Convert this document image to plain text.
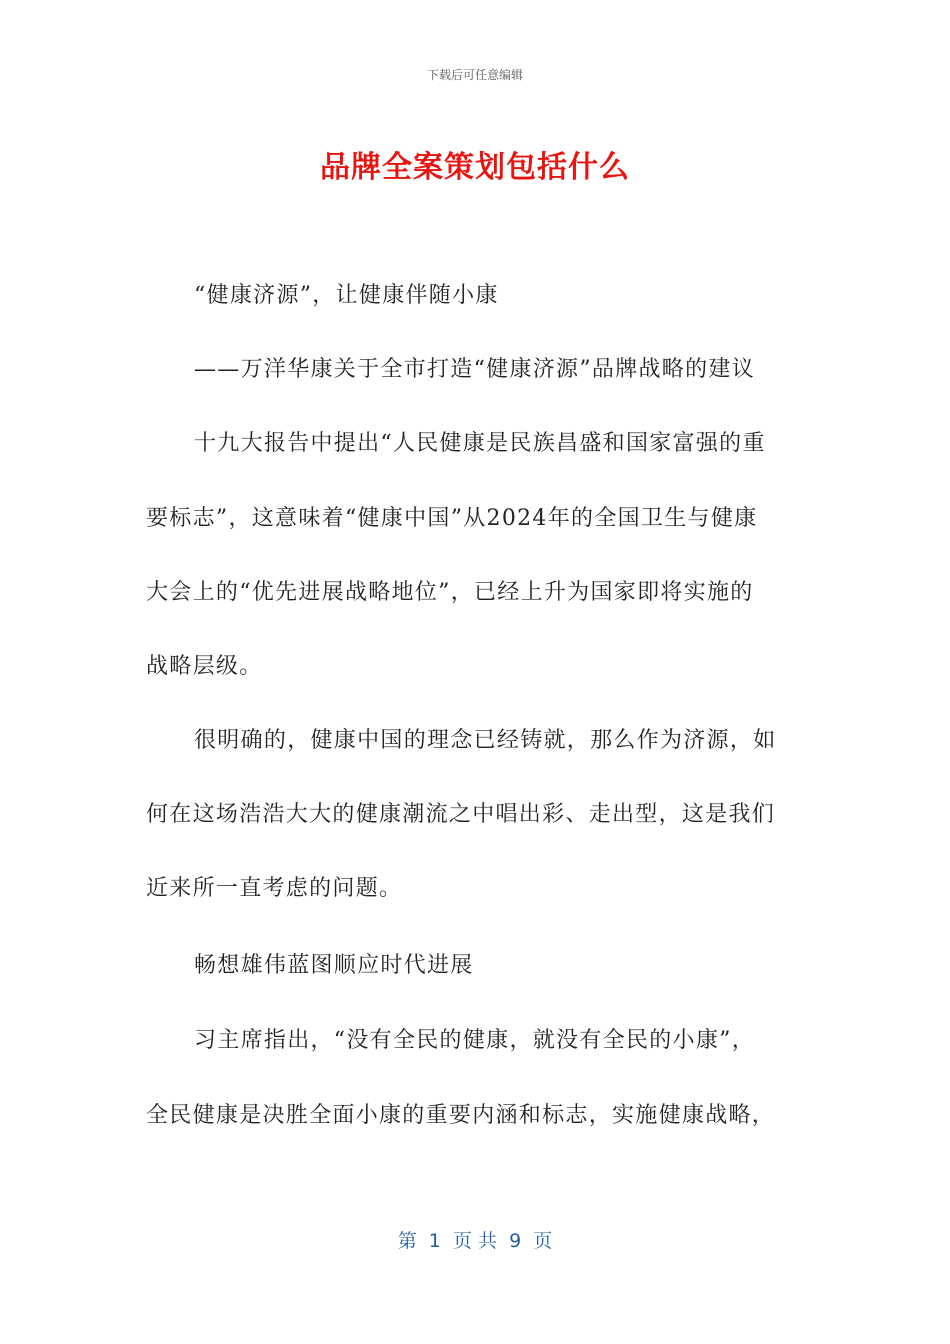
下载后可任意编辑
品牌全案策划包括什么

“健康济源”，让健康伴随小康

——万洋华康关于全市打造“健康济源”品牌战略的建议

十九大报告中提出“人民健康是民族昌盛和国家富强的重

要标志”，这意味着“健康中国”从2024年的全国卫生与健康

大会上的“优先进展战略地位”，已经上升为国家即将实施的

战略层级。

很明确的，健康中国的理念已经铸就，那么作为济源，如

何在这场浩浩大大的健康潮流之中唱出彩、走出型，这是我们

近来所一直考虑的问题。

畅想雄伟蓝图顺应时代进展

习主席指出，“没有全民的健康，就没有全民的小康”，

全民健康是决胜全面小康的重要内涵和标志，实施健康战略，

第  1  页 共  9  页
